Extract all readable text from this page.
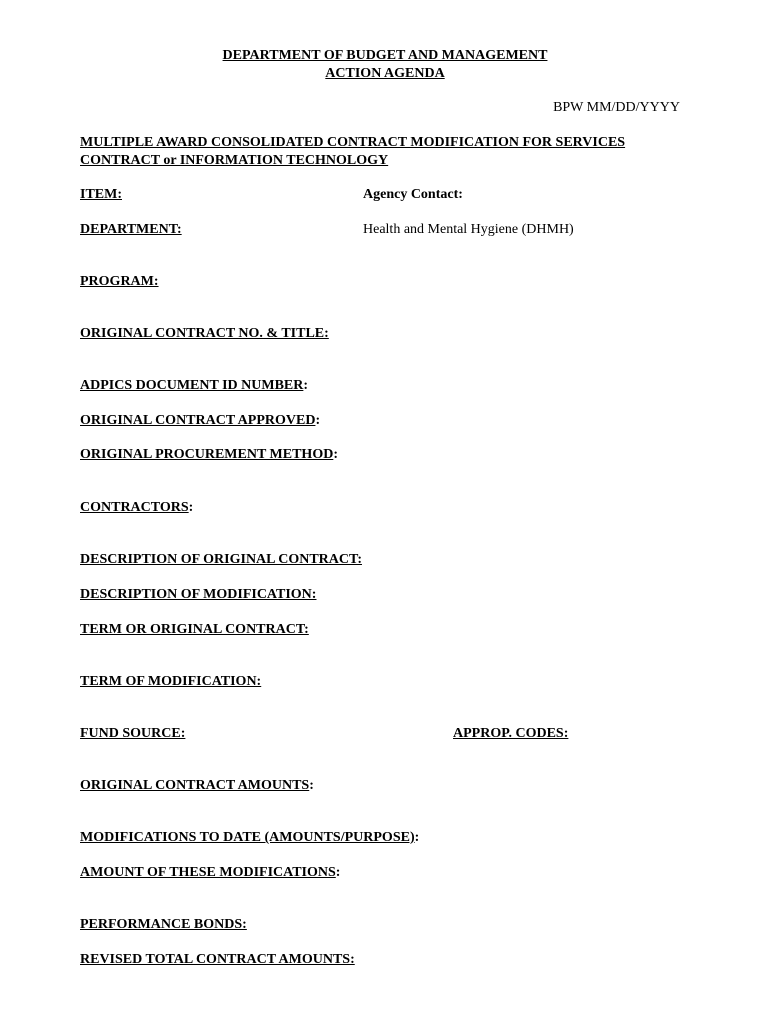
DEPARTMENT OF BUDGET AND MANAGEMENT
ACTION AGENDA
BPW MM/DD/YYYY
MULTIPLE AWARD CONSOLIDATED CONTRACT MODIFICATION FOR SERVICES
CONTRACT or INFORMATION TECHNOLOGY
ITEM:	Agency Contact:
DEPARTMENT:	Health and Mental Hygiene (DHMH)
PROGRAM:
ORIGINAL CONTRACT NO. & TITLE:
ADPICS DOCUMENT ID NUMBER:
ORIGINAL CONTRACT APPROVED:
ORIGINAL PROCUREMENT METHOD:
CONTRACTORS:
DESCRIPTION OF ORIGINAL CONTRACT:
DESCRIPTION OF MODIFICATION:
TERM OR ORIGINAL CONTRACT:
TERM OF MODIFICATION:
FUND SOURCE:	APPROP. CODES:
ORIGINAL CONTRACT AMOUNTS:
MODIFICATIONS TO DATE (AMOUNTS/PURPOSE):
AMOUNT OF THESE MODIFICATIONS:
PERFORMANCE BONDS:
REVISED TOTAL CONTRACT AMOUNTS:
